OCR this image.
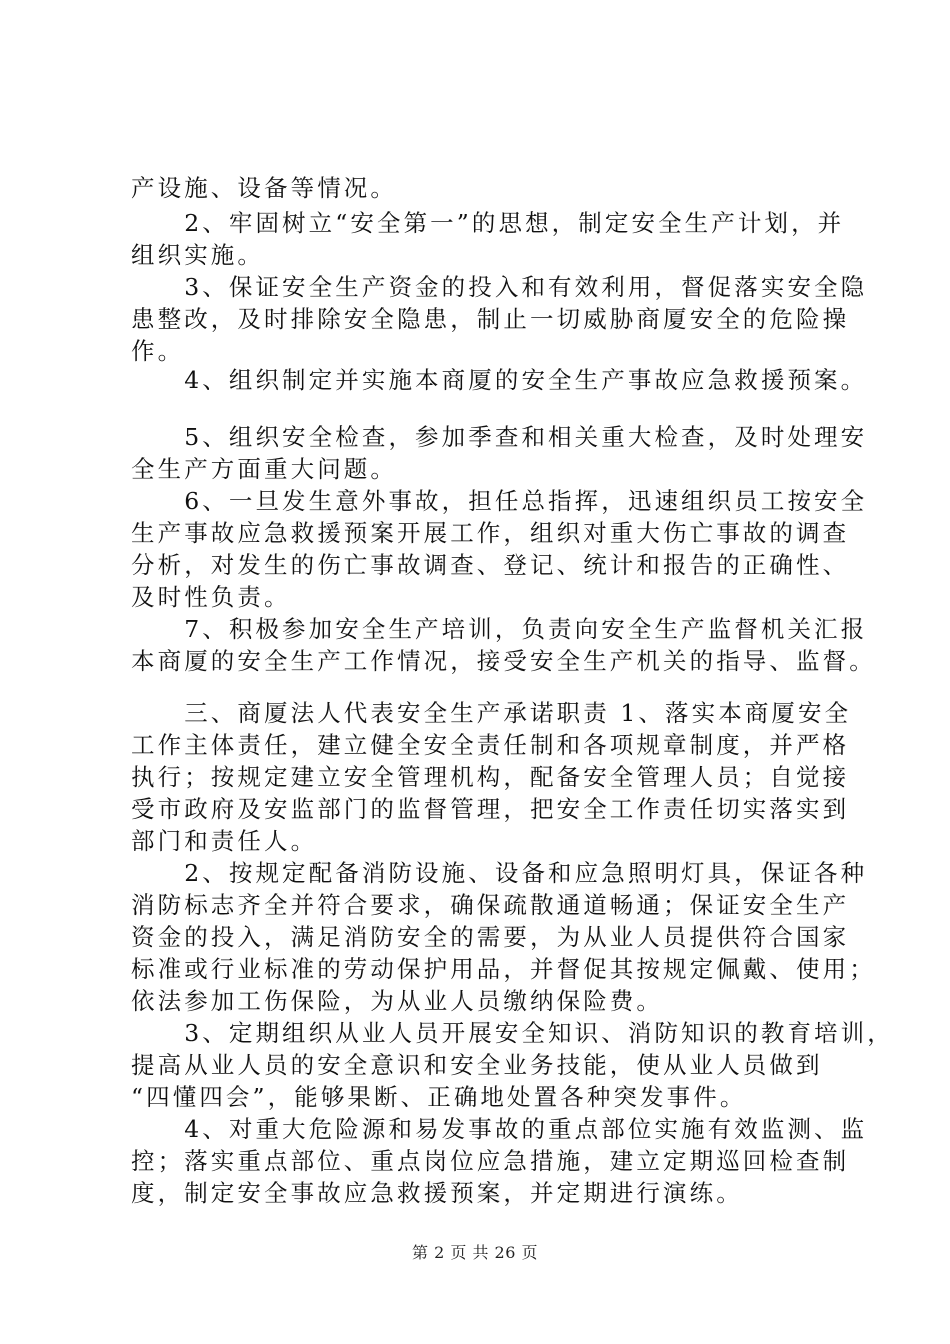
产设施、设备等情况。
　　2、牢固树立“安全第一”的思想，制定安全生产计划，并
组织实施。
　　3、保证安全生产资金的投入和有效利用，督促落实安全隐
患整改，及时排除安全隐患，制止一切威胁商厦安全的危险操
作。
　　4、组织制定并实施本商厦的安全生产事故应急救援预案。
　　5、组织安全检查，参加季查和相关重大检查，及时处理安
全生产方面重大问题。
　　6、一旦发生意外事故，担任总指挥，迅速组织员工按安全
生产事故应急救援预案开展工作，组织对重大伤亡事故的调查
分析，对发生的伤亡事故调查、登记、统计和报告的正确性、
及时性负责。
　　7、积极参加安全生产培训，负责向安全生产监督机关汇报
本商厦的安全生产工作情况，接受安全生产机关的指导、监督。
　　三、商厦法人代表安全生产承诺职责 1、落实本商厦安全
工作主体责任，建立健全安全责任制和各项规章制度，并严格
执行；按规定建立安全管理机构，配备安全管理人员；自觉接
受市政府及安监部门的监督管理，把安全工作责任切实落实到
部门和责任人。
　　2、按规定配备消防设施、设备和应急照明灯具，保证各种
消防标志齐全并符合要求，确保疏散通道畅通；保证安全生产
资金的投入，满足消防安全的需要，为从业人员提供符合国家
标准或行业标准的劳动保护用品，并督促其按规定佩戴、使用；
依法参加工伤保险，为从业人员缴纳保险费。
　　3、定期组织从业人员开展安全知识、消防知识的教育培训，
提高从业人员的安全意识和安全业务技能，使从业人员做到
“四懂四会”，能够果断、正确地处置各种突发事件。
　　4、对重大危险源和易发事故的重点部位实施有效监测、监
控；落实重点部位、重点岗位应急措施，建立定期巡回检查制
度，制定安全事故应急救援预案，并定期进行演练。
第 2 页 共 26 页
